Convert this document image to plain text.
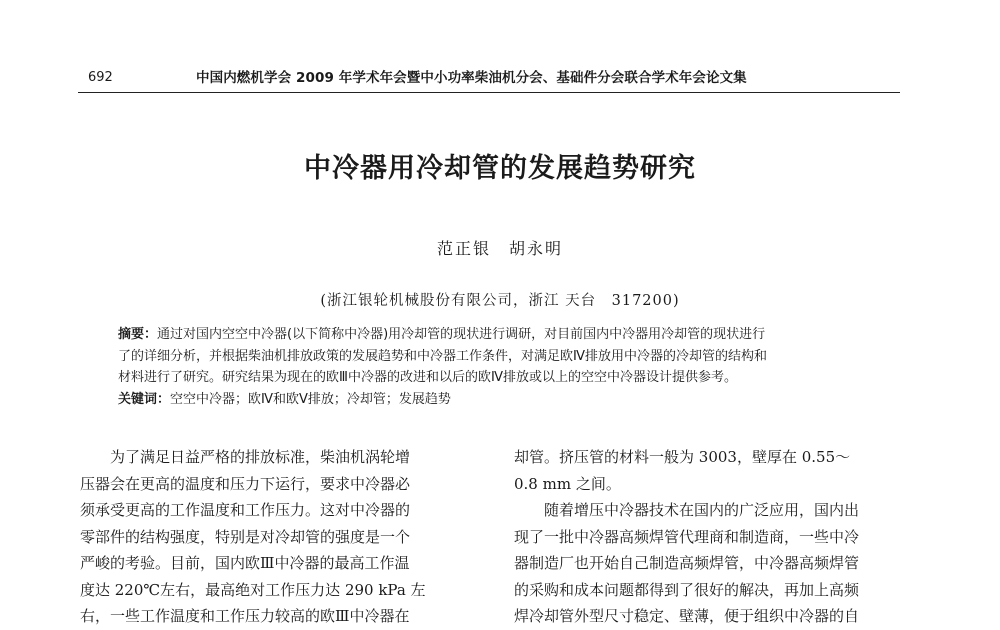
692	中国内燃机学会 2009 年学术年会暨中小功率柴油机分会、基础件分会联合学术年会论文集
中冷器用冷却管的发展趋势研究
范正银　胡永明
(浙江银轮机械股份有限公司，浙江 天台　317200)
摘要：通过对国内空空中冷器(以下简称中冷器)用冷却管的现状进行调研，对目前国内中冷器用冷却管的现状进行
了的详细分析，并根据柴油机排放政策的发展趋势和中冷器工作条件，对满足欧Ⅳ排放用中冷器的冷却管的结构和
材料进行了研究。研究结果为现在的欧Ⅲ中冷器的改进和以后的欧Ⅳ排放或以上的空空中冷器设计提供参考。
关键词：空空中冷器；欧Ⅳ和欧Ⅴ排放；冷却管；发展趋势
为了满足日益严格的排放标准，柴油机涡轮增
压器会在更高的温度和压力下运行，要求中冷器必
须承受更高的工作温度和工作压力。这对中冷器的
零部件的结构强度，特别是对冷却管的强度是一个
严峻的考验。目前，国内欧Ⅲ中冷器的最高工作温
度达 220℃左右，最高绝对工作压力达 290 kPa 左
右，一些工作温度和工作压力较高的欧Ⅲ中冷器在
却管。挤压管的材料一般为 3003，壁厚在 0.55～
0.8 mm 之间。
随着增压中冷器技术在国内的广泛应用，国内出
现了一批中冷器高频焊管代理商和制造商，一些中冷
器制造厂也开始自己制造高频焊管，中冷器高频焊管
的采购和成本问题都得到了很好的解决，再加上高频
焊冷却管外型尺寸稳定、壁薄，便于组织中冷器的自
